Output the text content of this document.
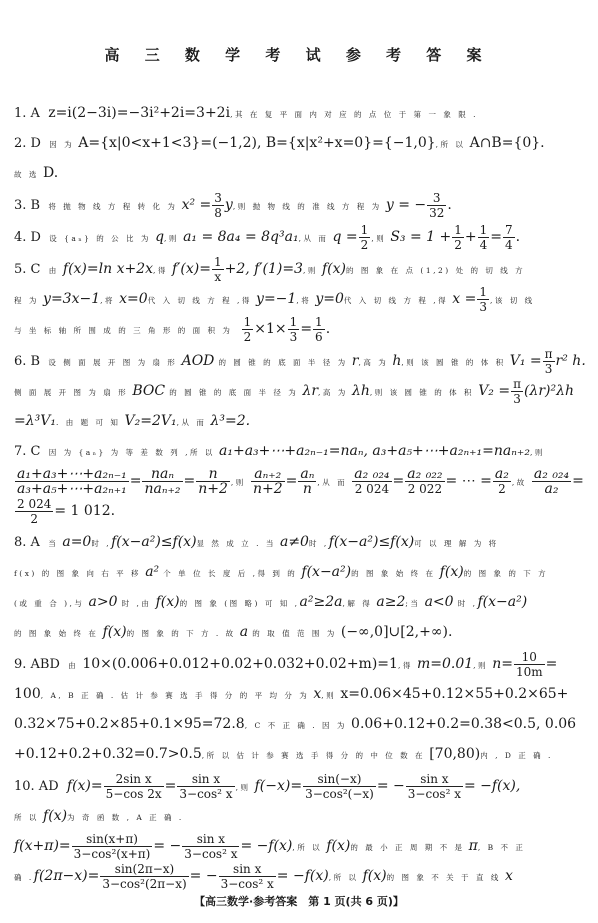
高 三 数 学 考 试 参 考 答 案
1. A z=i(2−3i)=−3i²+2i=3+2i,其 在 复 平 面 内 对 应 的 点 位 于 第 一 象 限 .
2. D 因 为 A={x|0<x+1<3}=(−1,2), B={x|x²+x=0}={−1,0},所 以 A∩B={0}.
故 选 D.
3. B 将 抛 物 线 方 程 转 化 为 $x^2 = \frac{3}{8} y$,则 抛 物 线 的 准 线 方 程 为 y = − $\frac{3}{32}$ .
4. D 设 {aₙ} 的 公 比 为 q,则 a₁ = 8a₄ = 8q³a₁,从 而 $q = \frac{1}{2}$ ,则 $S_3 = 1 + \frac{1}{2} + \frac{1}{4} = \frac{7}{4}$ .
5. C 由 f(x)=ln x+2x,得 $f'(x)= \frac{1}{x} +2$, f′(1)=3,则 f(x)的 图 象 在 点 (1,2) 处 的 切 线 方
程 为 y=3x−1,将 x=0代 入 切 线 方 程 ,得 y=−1,将 y=0代 入 切 线 方 程 ,得 $x = \frac{1}{3}$ ,该 切 线
与 坐 标 轴 所 围 成 的 三 角 形 的 面 积 为 $\frac{1}{2} \times 1\times \frac{1}{3} = \frac{1}{6}$ .
6. B 设 侧 面 展 开 图 为 扇 形 AOD 的 圆 锥 的 底 面 半 径 为 r,高 为 h,则 该 圆 锥 的 体 积 $V_1 = \frac{\pi}{3} r^2$ h.
侧 面 展 开 图 为 扇 形 BOC 的 圆 锥 的 底 面 半 径 为 λr,高 为 λh,则 该 圆 锥 的 体 积 $V_2 = \frac{\pi}{3} (\lambda r)^2\lambda h$
=λ³V₁. 由 题 可 知 V₂=2V₁,从 而 λ³=2.
7. C 因 为 {aₙ} 为 等 差 数 列 ,所 以 a₁+a₃+⋯+a₂ₙ₋₁=naₙ, a₃+a₅+⋯+a₂ₙ₊₁=naₙ₊₂,则
$\frac{\text{a₁+a₃+⋯+a₂ₙ₋₁}}{\text{a₃+a₅+⋯+a₂ₙ₊₁}} = \frac{\text{naₙ}}{\text{naₙ₊₂}} = \frac{n}{n+2}$ ,则 $\frac{\text{aₙ₊₂}}{n+2} = \frac{\text{aₙ}}{n}$ ,从 而 $\frac{\text{a₂ ₀₂₄}}{2 024} = \frac{\text{a₂ ₀₂₂}}{2 022}$ = ⋯ = $\frac{\text{a₂}}{2}$ ,故 $\frac{\text{a₂ ₀₂₄}}{\text{a₂}}$ =
$\frac{2 024}{2} = 1$ 012.
8. A 当 a=0时 ,f(x−a²)≤f(x)显 然 成 立 . 当 a≠0时 ,f(x−a²)≤f(x)可 以 理 解 为 将
f(x) 的 图 象 向 右 平 移 a² 个 单 位 长 度 后 ,得 到 的 f(x−a²)的 图 象 始 终 在 f(x)的 图 象 的 下 方
(或 重 合 ),与 a>0 时 ,由 f(x)的 图 象 (图 略) 可 知 ,a²≥2a,解 得 a≥2;当 a<0 时 ,f(x−a²)
的 图 象 始 终 在 f(x)的 图 象 的 下 方 . 故 a 的 取 值 范 围 为 (−∞,0]∪[2,+∞).
9. ABD 由 10×(0.006+0.012+0.02+0.032+0.02+m)=1,得 m=0.01,则 $n= \frac{10}{10m}$ =
100, A, B 正 确 . 估 计 参 赛 选 手 得 分 的 平 均 分 为 x,则 x=0.06×45+0.12×55+0.2×65+
0.32×75+0.2×85+0.1×95=72.8, C 不 正 确 . 因 为 0.06+0.12+0.2=0.38<0.5, 0.06
+0.12+0.2+0.32=0.7>0.5,所 以 估 计 参 赛 选 手 得 分 的 中 位 数 在 [70,80)内 , D 正 确 .
10. AD $f(x)= \frac{\text{2sin x}}{5-\cos 2x} = \frac{\text{sin x}}{\text{3−cos² x}}$ ,则 $f(-x)= \frac{\sin(-x)}{\text{3−cos²(−x)}}$ = − $\frac{\text{sin x}}{\text{3−cos² x}} = -f(x)$,
所 以 f(x)为 奇 函 数 , A 正 确 .
$f(x+\pi)= \frac{\sin(x+\pi)}{\text{3−cos²(x+π)}}$ = − $\frac{\text{sin x}}{\text{3−cos² x}} = -f(x)$,所 以 f(x)的 最 小 正 周 期 不 是 π, B 不 正
确 $.f(2\pi-x)= \frac{\sin(2\pi-x)}{\text{3−cos²(2π−x)}}$ = − $\frac{\text{sin x}}{\text{3−cos² x}} = -f(x)$,所 以 f(x)的 图 象 不 关 于 直 线 x
【高三数学·参考答案　第 1 页(共 6 页)】
